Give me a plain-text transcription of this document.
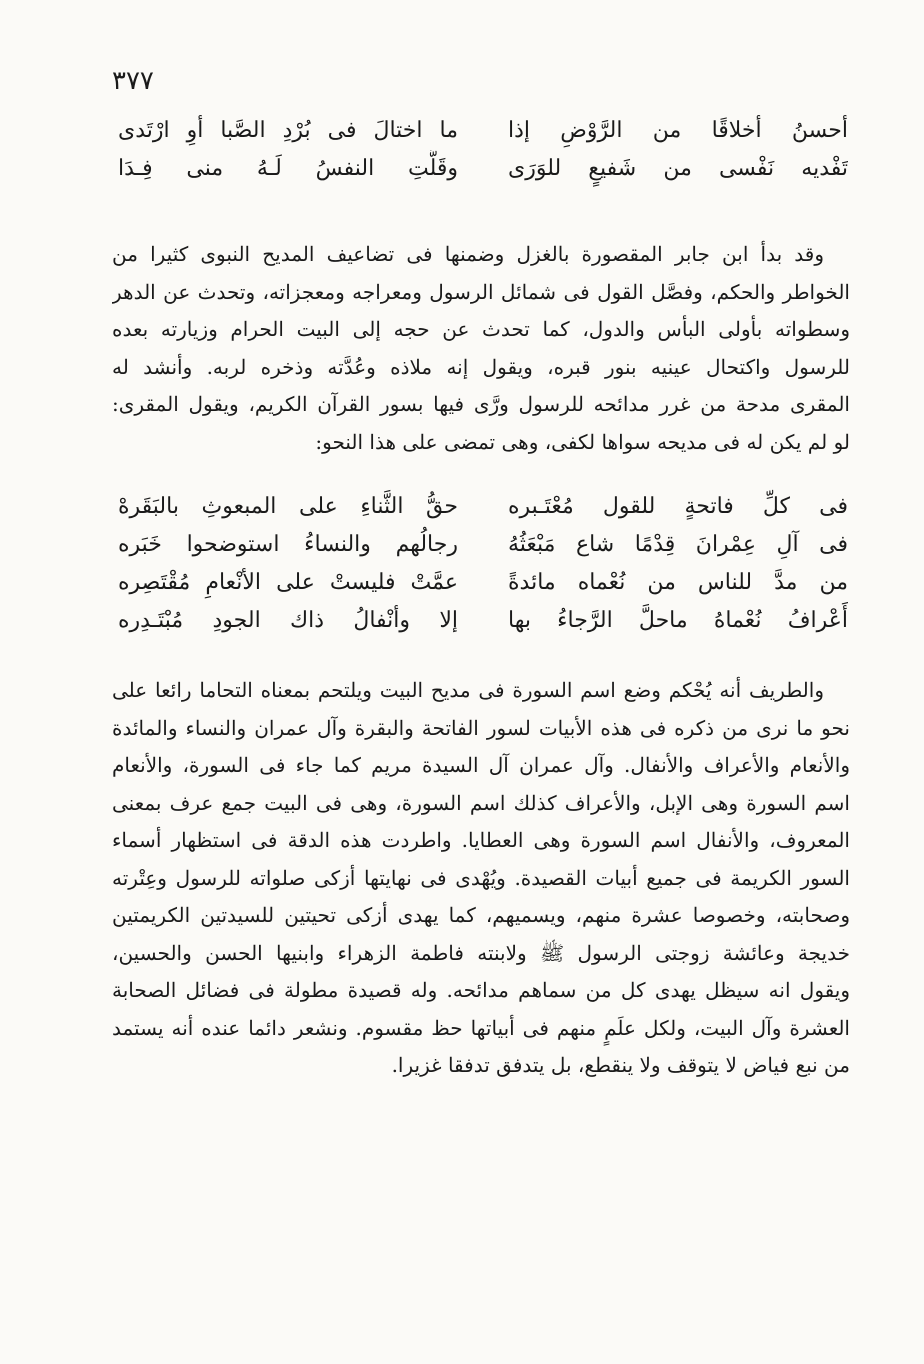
٣٧٧
أحسنُ أخلاقًا من الرَّوْضِ إذا
ما اختالَ فى بُرْدِ الصَّبا أوِ ارْتَدى
تَفْديه نَفْسى من شَفيعٍ للوَرَى
وقَلَّتِ النفسُ لَـهُ منى فِـدَا
وقد بدأ ابن جابر المقصورة بالغزل وضمنها فى تضاعيف المديح النبوى كثيرا من
الخواطر والحكم، وفصَّل القول فى شمائل الرسول ومعراجه ومعجزاته، وتحدث عن الدهر
وسطواته بأولى البأس والدول، كما تحدث عن حجه إلى البيت الحرام وزيارته بعده
للرسول واكتحال عينيه بنور قبره، ويقول إنه ملاذه وعُدَّته وذخره لربه. وأنشد له
المقرى مدحة من غرر مدائحه للرسول ورَّى فيها بسور القرآن الكريم، ويقول المقرى:
لو لم يكن له فى مديحه سواها لكفى، وهى تمضى على هذا النحو:
فى كلِّ فاتحةٍ للقول مُعْتَـبره
حقُّ الثَّناءِ على المبعوثِ بالبَقَرهْ
فى آلِ عِمْرانَ قِدْمًا شاع مَبْعَثُهُ
رجالُهم والنساءُ استوضحوا خَبَره
من مدَّ للناس من نُعْماه مائدةً
عمَّتْ فليستْ على الأنْعامِ مُقْتَصِره
أَعْرافُ نُعْماهُ ماحلَّ الرَّجاءُ بها
إلا وأنْفالُ ذاك الجودِ مُبْتَـدِره
والطريف أنه يُحْكم وضع اسم السورة فى مديح البيت ويلتحم بمعناه التحاما رائعا على
نحو ما نرى من ذكره فى هذه الأبيات لسور الفاتحة والبقرة وآل عمران والنساء والمائدة
والأنعام والأعراف والأنفال. وآل عمران آل السيدة مريم كما جاء فى السورة، والأنعام
اسم السورة وهى الإبل، والأعراف كذلك اسم السورة، وهى فى البيت جمع عرف بمعنى
المعروف، والأنفال اسم السورة وهى العطايا. واطردت هذه الدقة فى استظهار أسماء
السور الكريمة فى جميع أبيات القصيدة. ويُهْدى فى نهايتها أزكى صلواته للرسول وعِتْرته
وصحابته، وخصوصا عشرة منهم، ويسميهم، كما يهدى أزكى تحيتين للسيدتين الكريمتين
خديجة وعائشة زوجتى الرسول ﷺ ولابنته فاطمة الزهراء وابنيها الحسن والحسين،
ويقول انه سيظل يهدى كل من سماهم مدائحه. وله قصيدة مطولة فى فضائل الصحابة
العشرة وآل البيت، ولكل علَمٍ منهم فى أبياتها حظ مقسوم. ونشعر دائما عنده أنه يستمد
من نبع فياض لا يتوقف ولا ينقطع، بل يتدفق تدفقا غزيرا.
